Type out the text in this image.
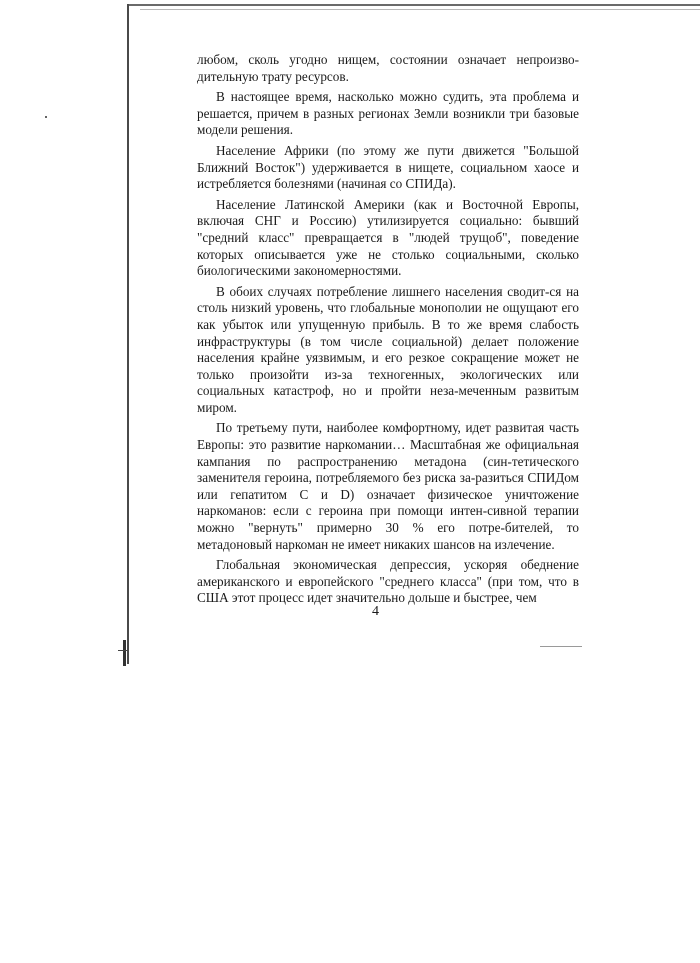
любом, сколь угодно нищем, состоянии означает непроизво-дительную трату ресурсов.

В настоящее время, насколько можно судить, эта проблема и решается, причем в разных регионах Земли возникли три базовые модели решения.

Население Африки (по этому же пути движется "Большой Ближний Восток") удерживается в нищете, социальном хаосе и истребляется болезнями (начиная со СПИДа).

Население Латинской Америки (как и Восточной Европы, включая СНГ и Россию) утилизируется социально: бывший "средний класс" превращается в "людей трущоб", поведение которых описывается уже не столько социальными, сколько биологическими закономерностями.

В обоих случаях потребление лишнего населения сводит-ся на столь низкий уровень, что глобальные монополии не ощущают его как убыток или упущенную прибыль. В то же время слабость инфраструктуры (в том числе социальной) делает положение населения крайне уязвимым, и его резкое сокращение может не только произойти из-за техногенных, экологических или социальных катастроф, но и пройти неза-меченным развитым миром.

По третьему пути, наиболее комфортному, идет развитая часть Европы: это развитие наркомании… Масштабная же официальная кампания по распространению метадона (син-тетического заменителя героина, потребляемого без риска за-разиться СПИДом или гепатитом С и D) означает физическое уничтожение наркоманов: если с героина при помощи интен-сивной терапии можно "вернуть" примерно 30 % его потре-бителей, то метадоновый наркоман не имеет никаких шансов на излечение.

Глобальная экономическая депрессия, ускоряя обеднение американского и европейского "среднего класса" (при том, что в США этот процесс идет значительно дольше и быстрее, чем

4
